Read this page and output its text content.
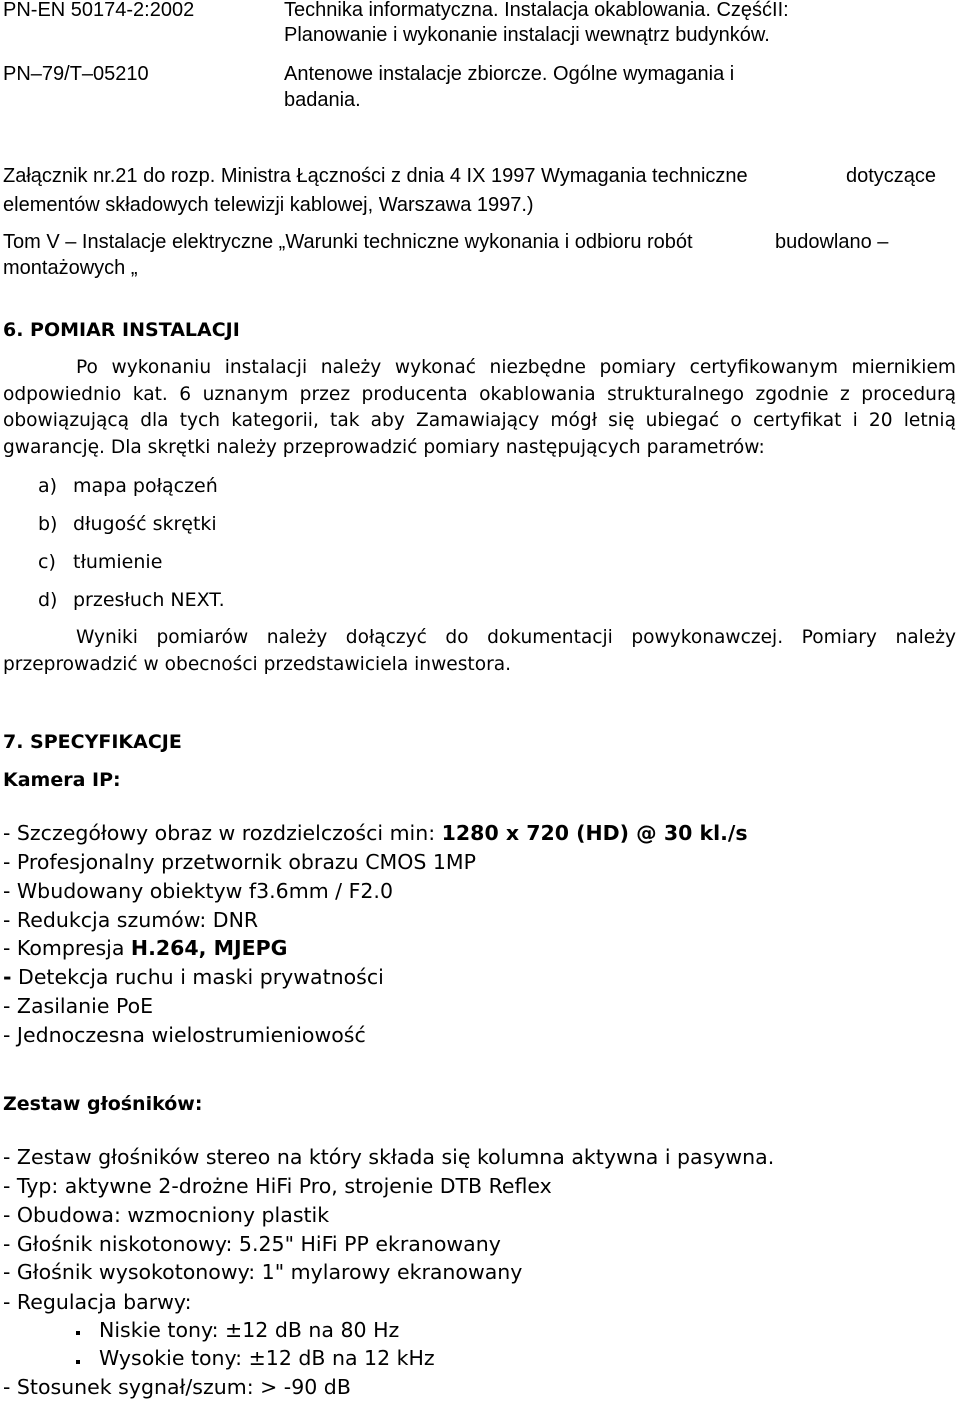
PN-EN 50174-2:2002	Technika informatyczna. Instalacja okablowania. CzęśćII:
Planowanie i wykonanie instalacji wewnątrz budynków.
PN–79/T–05210	Antenowe instalacje zbiorcze. Ogólne wymagania i
badania.
Załącznik nr.21 do rozp. Ministra Łączności z dnia 4 IX 1997 Wymagania techniczne	dotyczące
elementów składowych telewizji kablowej, Warszawa 1997.)
Tom V – Instalacje elektryczne „Warunki techniczne wykonania i odbioru robót	budowlano –
montażowych „
6. POMIAR INSTALACJI
Po wykonaniu instalacji należy wykonać niezbędne pomiary certyfikowanym miernikiem odpowiednio kat. 6 uznanym przez producenta okablowania strukturalnego zgodnie z procedurą obowiązującą dla tych kategorii, tak aby Zamawiający mógł się ubiegać o certyfikat i 20 letnią gwarancję. Dla skrętki należy przeprowadzić pomiary następujących parametrów:
a) mapa połączeń
b) długość skrętki
c) tłumienie
d) przesłuch NEXT.
Wyniki pomiarów należy dołączyć do dokumentacji powykonawczej. Pomiary należy przeprowadzić w obecności przedstawiciela inwestora.
7. SPECYFIKACJE
Kamera IP:
- Szczegółowy obraz w rozdzielczości min: 1280 x 720 (HD) @ 30 kl./s
- Profesjonalny przetwornik obrazu CMOS 1MP
- Wbudowany obiektyw f3.6mm / F2.0
- Redukcja szumów: DNR
- Kompresja H.264, MJEPG
- Detekcja ruchu i maski prywatności
- Zasilanie PoE
- Jednoczesna wielostrumieniowość
Zestaw głośników:
- Zestaw głośników stereo na który składa się kolumna aktywna i pasywna.
- Typ: aktywne 2-drożne HiFi Pro, strojenie DTB Reflex
- Obudowa: wzmocniony plastik
- Głośnik niskotonowy: 5.25" HiFi PP ekranowany
- Głośnik wysokotonowy: 1" mylarowy ekranowany
- Regulacja barwy:
Niskie tony: ±12 dB na 80 Hz
Wysokie tony: ±12 dB na 12 kHz
- Stosunek sygnał/szum: > -90 dB
